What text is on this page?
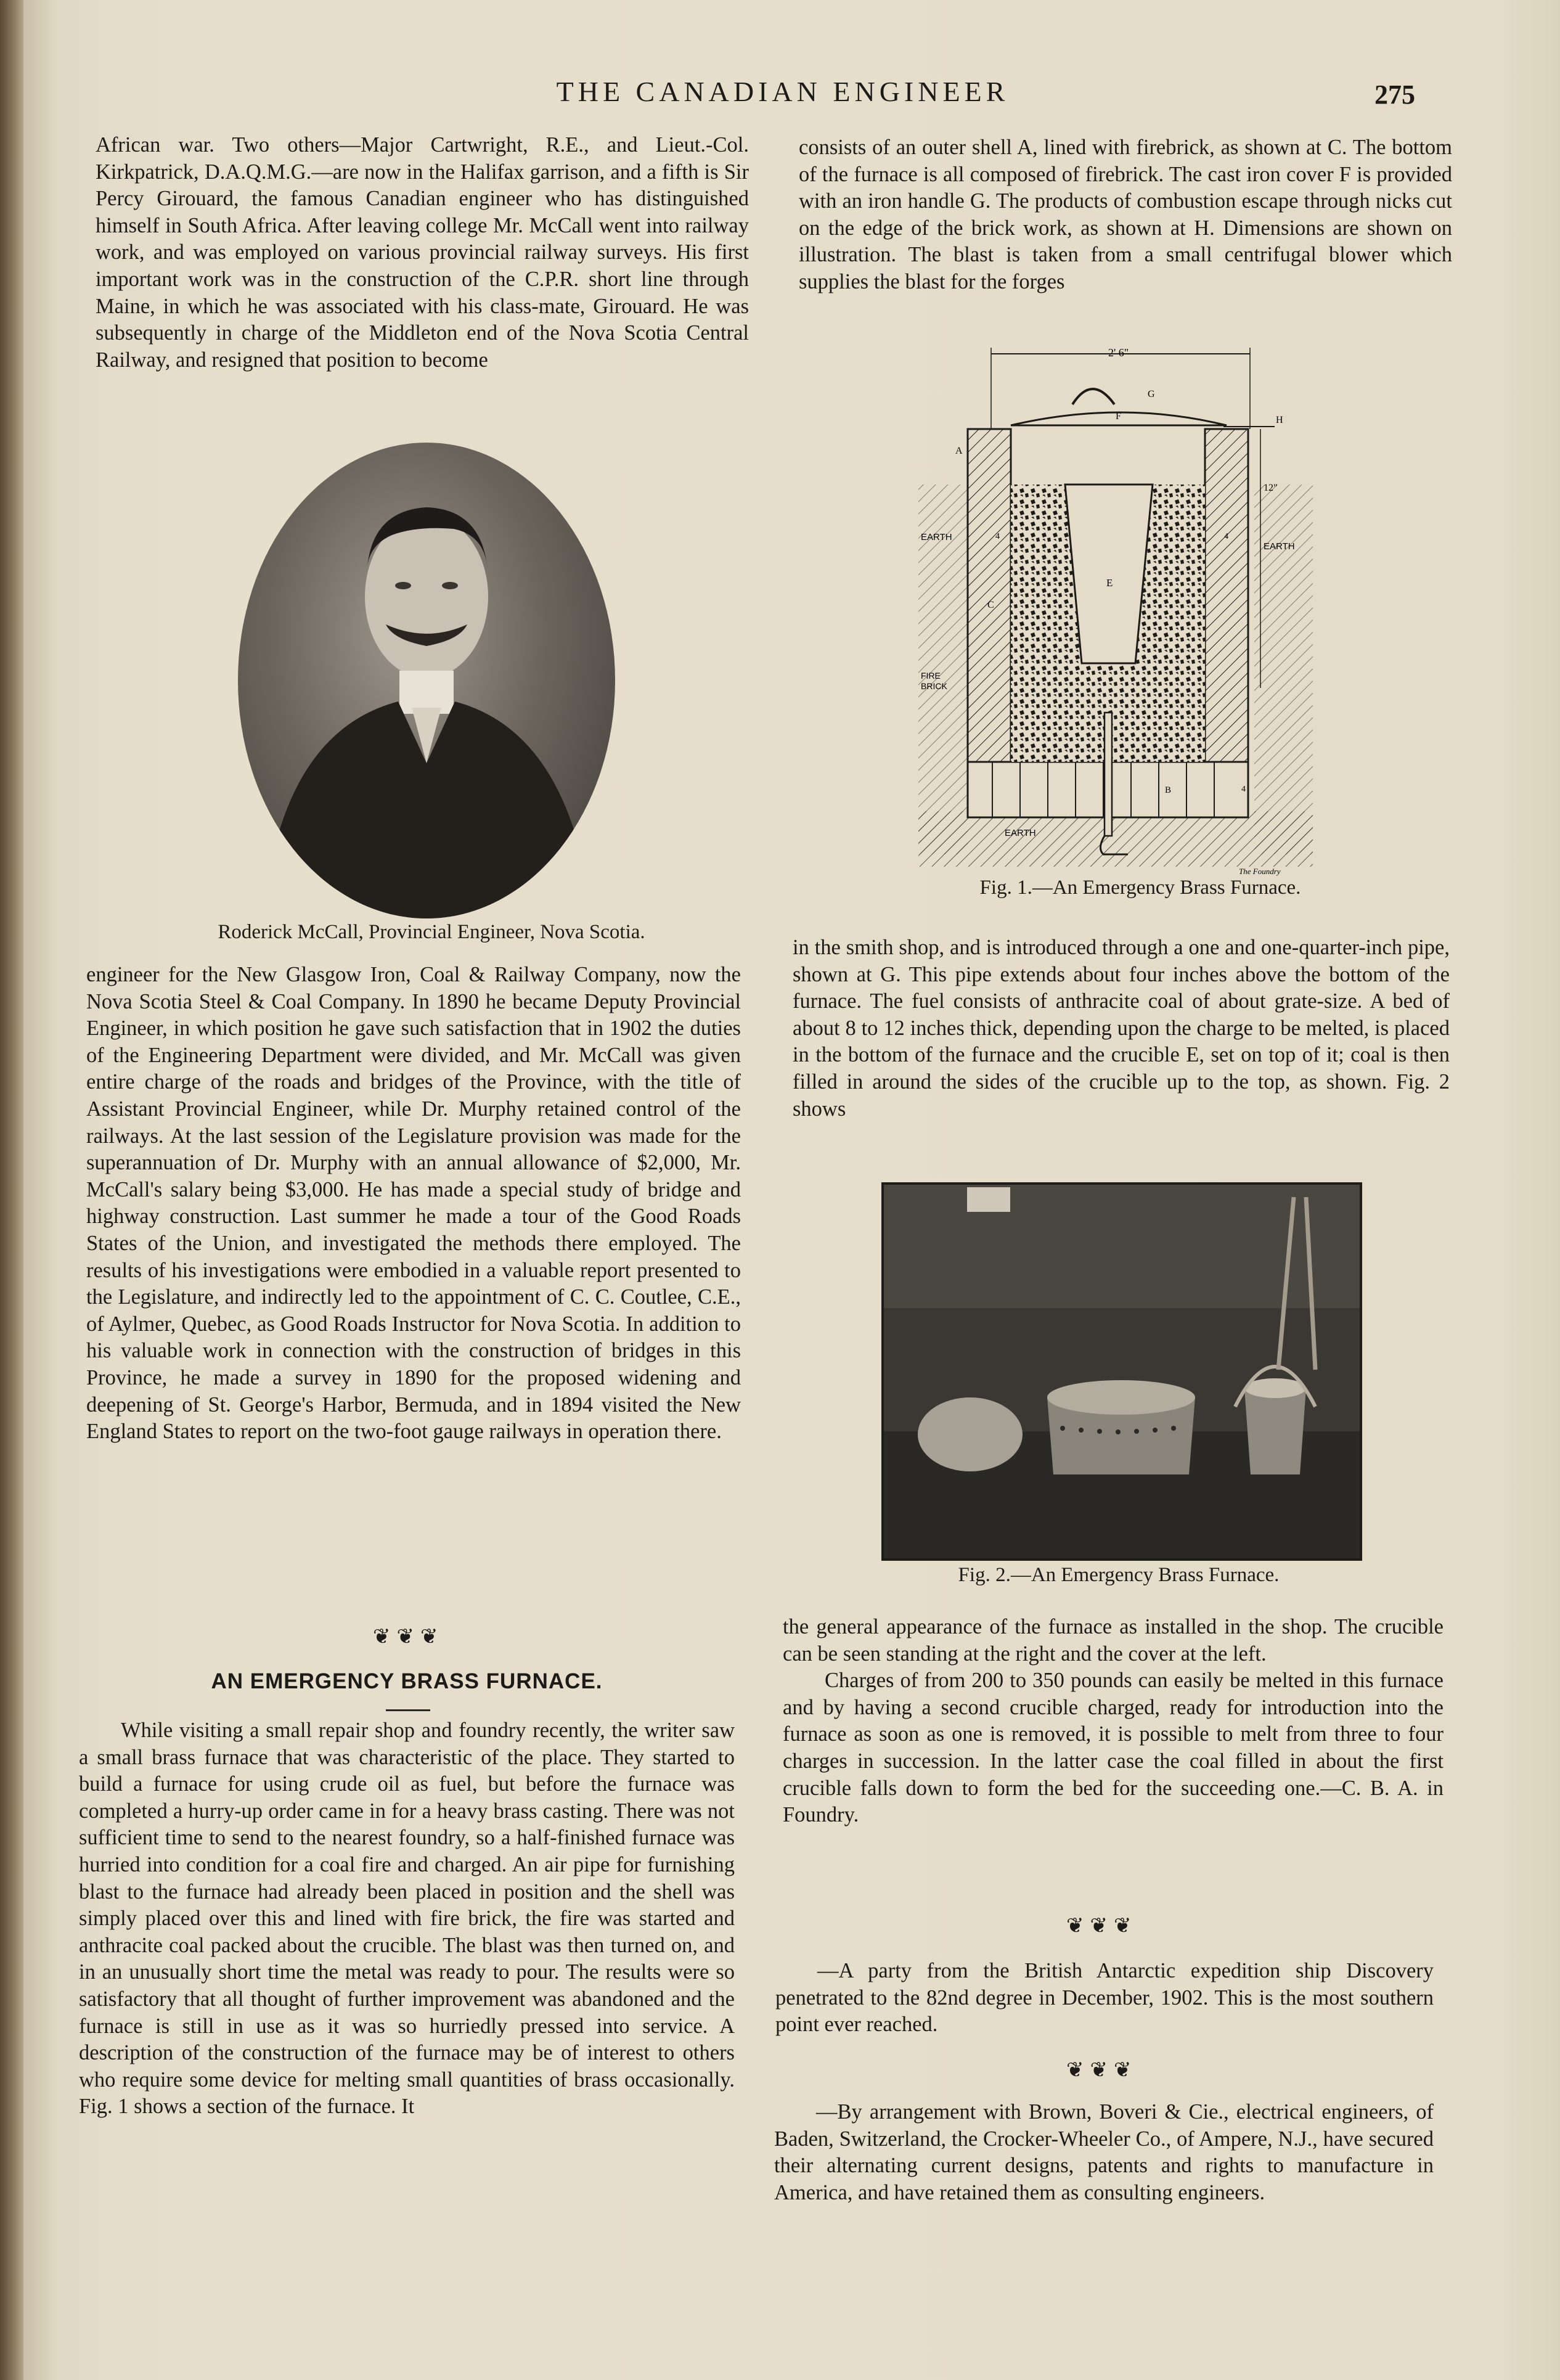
THE CANADIAN ENGINEER	275

African war. Two others—Major Cartwright, R.E., and Lieut.-Col. Kirkpatrick, D.A.Q.M.G.—are now in the Halifax garrison, and a fifth is Sir Percy Girouard, the famous Canadian engineer who has distinguished himself in South Africa. After leaving college Mr. McCall went into railway work, and was employed on various provincial railway surveys. His first important work was in the construction of the C.P.R. short line through Maine, in which he was associated with his class-mate, Girouard. He was subsequently in charge of the Middleton end of the Nova Scotia Central Railway, and resigned that position to become

Roderick McCall, Provincial Engineer, Nova Scotia.

engineer for the New Glasgow Iron, Coal & Railway Company, now the Nova Scotia Steel & Coal Company. In 1890 he became Deputy Provincial Engineer, in which position he gave such satisfaction that in 1902 the duties of the Engineering Department were divided, and Mr. McCall was given entire charge of the roads and bridges of the Province, with the title of Assistant Provincial Engineer, while Dr. Murphy retained control of the railways. At the last session of the Legislature provision was made for the superannuation of Dr. Murphy with an annual allowance of $2,000, Mr. McCall's salary being $3,000. He has made a special study of bridge and highway construction. Last summer he made a tour of the Good Roads States of the Union, and investigated the methods there employed. The results of his investigations were embodied in a valuable report presented to the Legislature, and indirectly led to the appointment of C. C. Coutlee, C.E., of Aylmer, Quebec, as Good Roads Instructor for Nova Scotia. In addition to his valuable work in connection with the construction of bridges in this Province, he made a survey in 1890 for the proposed widening and deepening of St. George's Harbor, Bermuda, and in 1894 visited the New England States to report on the two-foot gauge railways in operation there.

❦❦❦
AN EMERGENCY BRASS FURNACE.

While visiting a small repair shop and foundry recently, the writer saw a small brass furnace that was characteristic of the place. They started to build a furnace for using crude oil as fuel, but before the furnace was completed a hurry-up order came in for a heavy brass casting. There was not sufficient time to send to the nearest foundry, so a half-finished furnace was hurried into condition for a coal fire and charged. An air pipe for furnishing blast to the furnace had already been placed in position and the shell was simply placed over this and lined with fire brick, the fire was started and anthracite coal packed about the crucible. The blast was then turned on, and in an unusually short time the metal was ready to pour. The results were so satisfactory that all thought of further improvement was abandoned and the furnace is still in use as it was so hurriedly pressed into service. A description of the construction of the furnace may be of interest to others who require some device for melting small quantities of brass occasionally. Fig. 1 shows a section of the furnace. It

consists of an outer shell A, lined with firebrick, as shown at C. The bottom of the furnace is all composed of firebrick. The cast iron cover F is provided with an iron handle G. The products of combustion escape through nicks cut on the edge of the brick work, as shown at H. Dimensions are shown on illustration. The blast is taken from a small centrifugal blower which supplies the blast for the forges

2' 6"
G
F	H
B
E
A
C
EARTH
EARTH
EARTH
FIRE
BRICK
4	4
4
The Foundry
Fig. 1.—An Emergency Brass Furnace.

in the smith shop, and is introduced through a one and one-quarter-inch pipe, shown at G. This pipe extends about four inches above the bottom of the furnace. The fuel consists of anthracite coal of about grate-size. A bed of about 8 to 12 inches thick, depending upon the charge to be melted, is placed in the bottom of the furnace and the crucible E, set on top of it; coal is then filled in around the sides of the crucible up to the top, as shown. Fig. 2 shows

Fig. 2.—An Emergency Brass Furnace.

the general appearance of the furnace as installed in the shop. The crucible can be seen standing at the right and the cover at the left.

Charges of from 200 to 350 pounds can easily be melted in this furnace and by having a second crucible charged, ready for introduction into the furnace as soon as one is removed, it is possible to melt from three to four charges in succession. In the latter case the coal filled in about the first crucible falls down to form the bed for the succeeding one.—C. B. A. in Foundry.

❦❦❦

—A party from the British Antarctic expedition ship Discovery penetrated to the 82nd degree in December, 1902. This is the most southern point ever reached.

❦❦❦

—By arrangement with Brown, Boveri & Cie., electrical engineers, of Baden, Switzerland, the Crocker-Wheeler Co., of Ampere, N.J., have secured their alternating current designs, patents and rights to manufacture in America, and have retained them as consulting engineers.
